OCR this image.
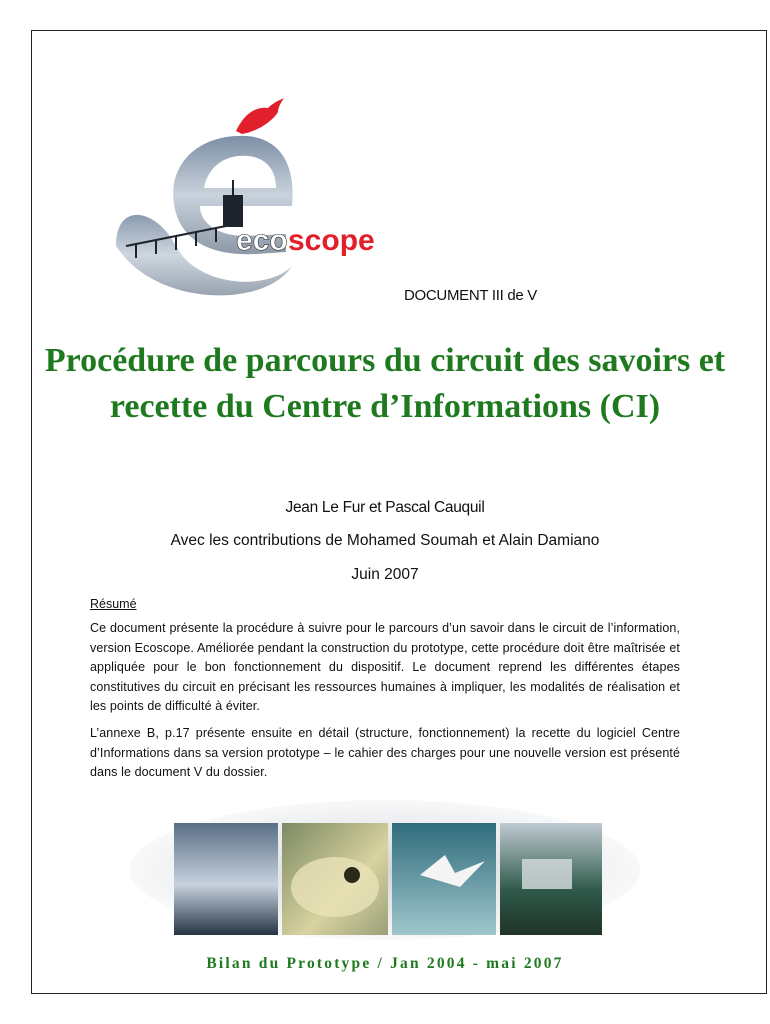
eco scope
DOCUMENT III de V
Procédure de parcours du circuit des savoirs et recette du Centre d’Informations (CI)
Jean Le Fur et Pascal Cauquil
Avec les contributions de Mohamed Soumah et Alain Damiano
Juin 2007
Résumé
Ce document présente la procédure à suivre pour le parcours d’un savoir dans le circuit de l’information, version Ecoscope. Améliorée pendant la construction du prototype, cette procédure doit être maîtrisée et appliquée pour le bon fonctionnement du dispositif. Le document reprend les différentes étapes constitutives du circuit en précisant les ressources humaines à impliquer, les modalités de réalisation et les points de difficulté à éviter.
L’annexe B, p.17 présente ensuite en détail (structure, fonctionnement) la recette du logiciel Centre d’Informations dans sa version prototype – le cahier des charges pour une nouvelle version est présenté dans le document V du dossier.
Bilan du Prototype / Jan 2004 - mai 2007
